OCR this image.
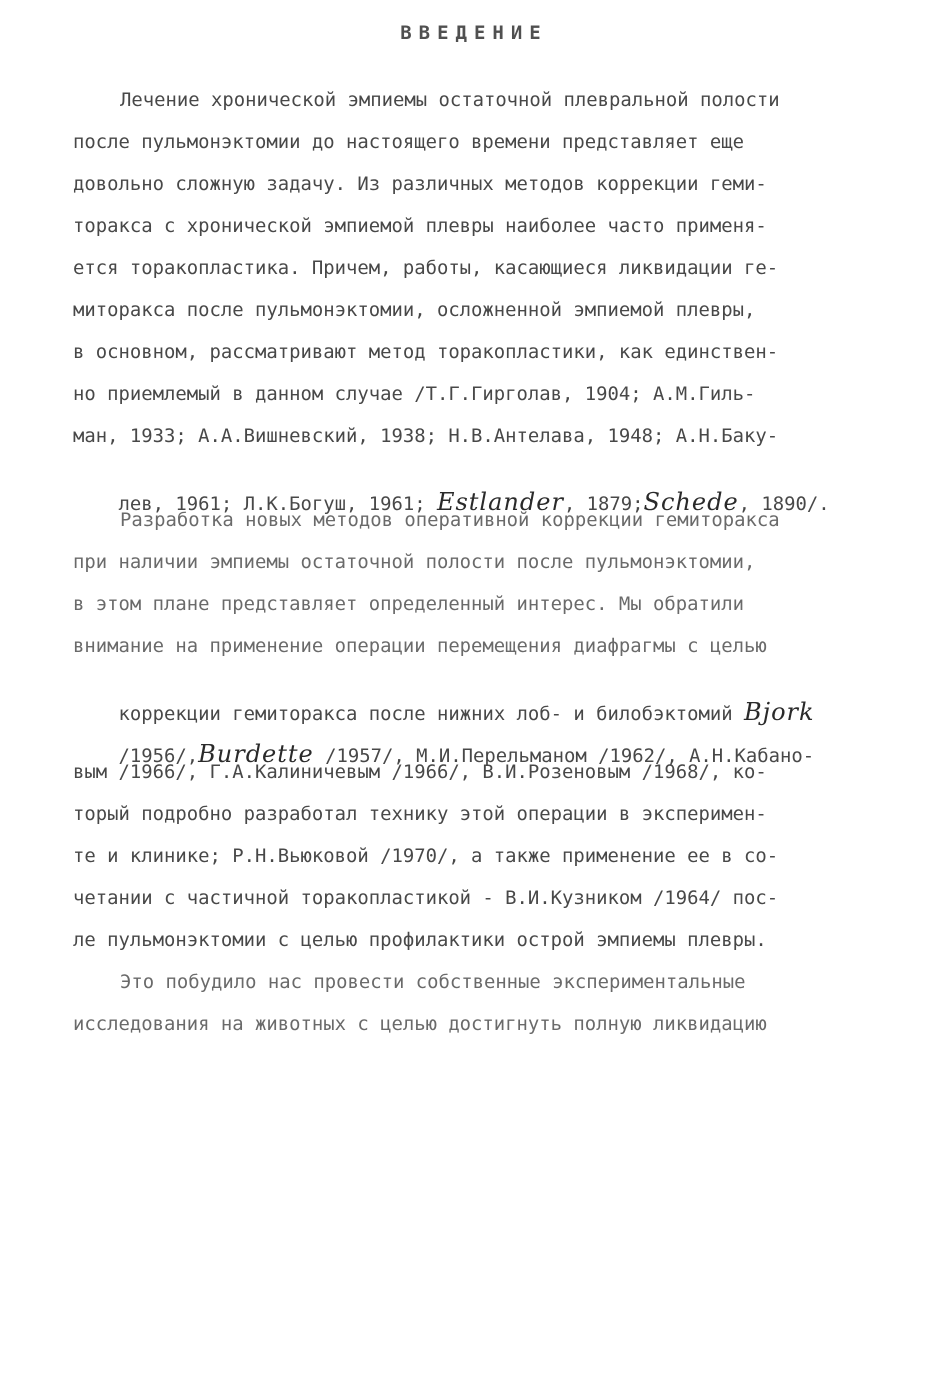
ВВЕДЕНИЕ
Лечение хронической эмпиемы остаточной плевральной полости
после пульмонэктомии до настоящего времени представляет еще
довольно сложную задачу. Из различных методов коррекции геми-
торакса с хронической эмпиемой плевры наиболее часто применя-
ется торакопластика. Причем, работы, касающиеся ликвидации ге-
миторакса после пульмонэктомии, осложненной эмпиемой плевры,
в основном, рассматривают метод торакопластики, как единствен-
но приемлемый в данном случае /Т.Г.Гирголав, 1904; А.М.Гиль-
ман, 1933; А.А.Вишневский, 1938; Н.В.Антелава, 1948; А.Н.Баку-

лев, 1961; Л.К.Богуш, 1961; Estlander, 1879;Schede, 1890/.

Разработка новых методов оперативной коррекции гемиторакса
при наличии эмпиемы остаточной полости после пульмонэктомии,
в этом плане представляет определенный интерес. Мы обратили
внимание на применение операции перемещения диафрагмы с целью

коррекции гемиторакса после нижних лоб- и билобэктомий Bjork

/1956/,Burdette /1957/, М.И.Перельманом /1962/, А.Н.Кабано-

вым /1966/, Г.А.Калиничевым /1966/, В.И.Розеновым /1968/, ко-
торый подробно разработал технику этой операции в эксперимен-
те и клинике; Р.Н.Вьюковой /1970/, а также применение ее в со-
четании с частичной торакопластикой - В.И.Кузником /1964/ пос-
ле пульмонэктомии с целью профилактики острой эмпиемы плевры.
Это побудило нас провести собственные экспериментальные
исследования на животных с целью достигнуть полную ликвидацию
